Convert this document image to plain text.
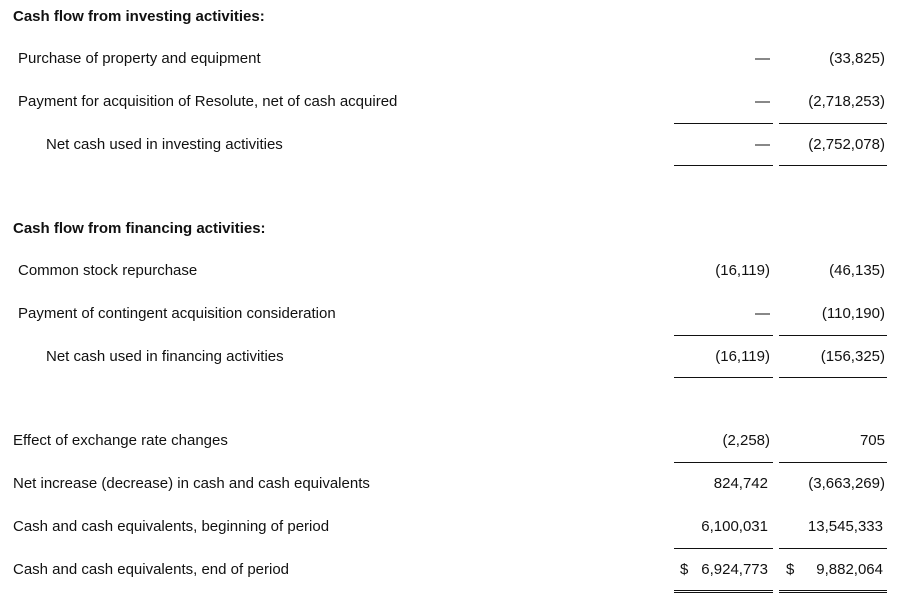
Cash flow from investing activities:
Purchase of property and equipment	—	(33,825)
Payment for acquisition of Resolute, net of cash acquired	—	(2,718,253)
Net cash used in investing activities	—	(2,752,078)
Cash flow from financing activities:
Common stock repurchase	(16,119)	(46,135)
Payment of contingent acquisition consideration	—	(110,190)
Net cash used in financing activities	(16,119)	(156,325)
Effect of exchange rate changes	(2,258)	705
Net increase (decrease) in cash and cash equivalents	824,742	(3,663,269)
Cash and cash equivalents, beginning of period	6,100,031	13,545,333
Cash and cash equivalents, end of period	$ 6,924,773 $ 9,882,064
